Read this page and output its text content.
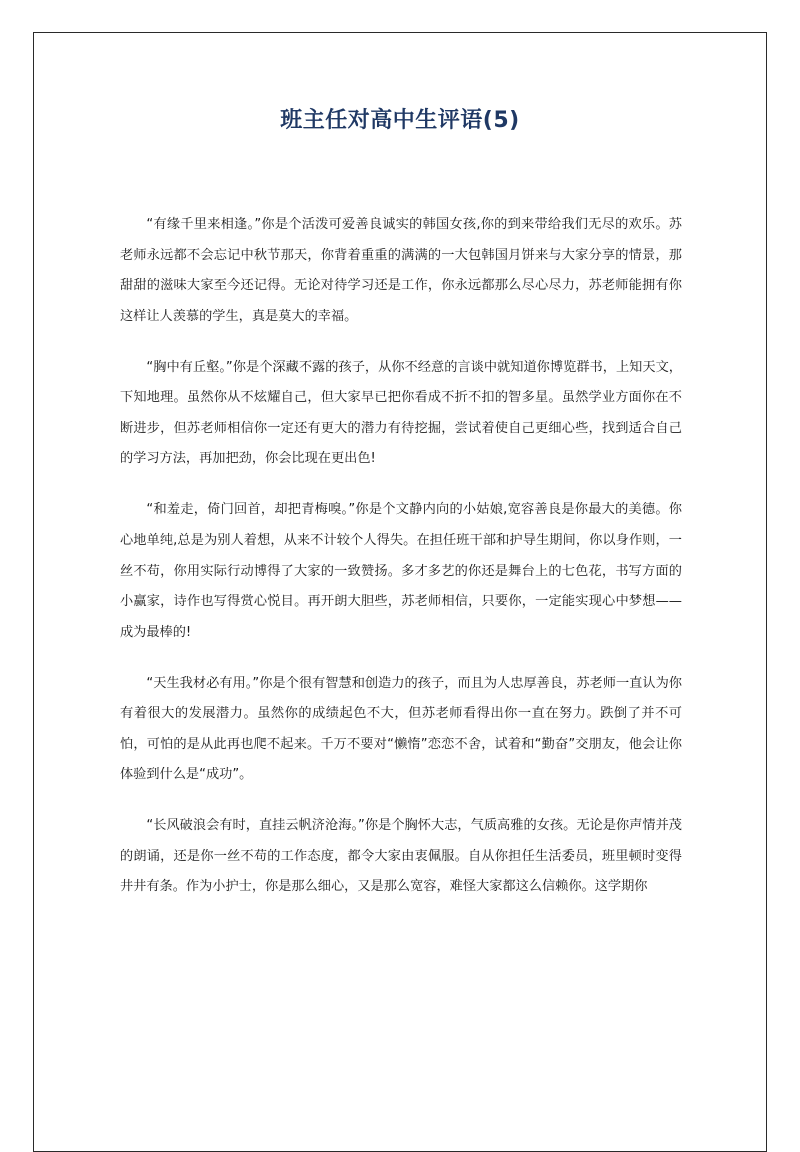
班主任对高中生评语(5)

“有缘千里来相逢。”你是个活泼可爱善良诚实的韩国女孩,你的到来带给我们无尽的欢乐。苏老师永远都不会忘记中秋节那天，你背着重重的满满的一大包韩国月饼来与大家分享的情景，那甜甜的滋味大家至今还记得。无论对待学习还是工作，你永远都那么尽心尽力，苏老师能拥有你这样让人羡慕的学生，真是莫大的幸福。

“胸中有丘壑。”你是个深藏不露的孩子，从你不经意的言谈中就知道你博览群书，上知天文，下知地理。虽然你从不炫耀自己，但大家早已把你看成不折不扣的智多星。虽然学业方面你在不断进步，但苏老师相信你一定还有更大的潜力有待挖掘，尝试着使自己更细心些，找到适合自己的学习方法，再加把劲，你会比现在更出色!

“和羞走，倚门回首，却把青梅嗅。”你是个文静内向的小姑娘,宽容善良是你最大的美德。你心地单纯,总是为别人着想，从来不计较个人得失。在担任班干部和护导生期间，你以身作则，一丝不苟，你用实际行动博得了大家的一致赞扬。多才多艺的你还是舞台上的七色花，书写方面的小赢家，诗作也写得赏心悦目。再开朗大胆些，苏老师相信，只要你，一定能实现心中梦想——成为最棒的!

“天生我材必有用。”你是个很有智慧和创造力的孩子，而且为人忠厚善良，苏老师一直认为你有着很大的发展潜力。虽然你的成绩起色不大，但苏老师看得出你一直在努力。跌倒了并不可怕，可怕的是从此再也爬不起来。千万不要对“懒惰”恋恋不舍，试着和“勤奋”交朋友，他会让你体验到什么是“成功”。

“长风破浪会有时，直挂云帆济沧海。”你是个胸怀大志，气质高雅的女孩。无论是你声情并茂的朗诵，还是你一丝不苟的工作态度，都令大家由衷佩服。自从你担任生活委员，班里顿时变得井井有条。作为小护士，你是那么细心，又是那么宽容，难怪大家都这么信赖你。这学期你
